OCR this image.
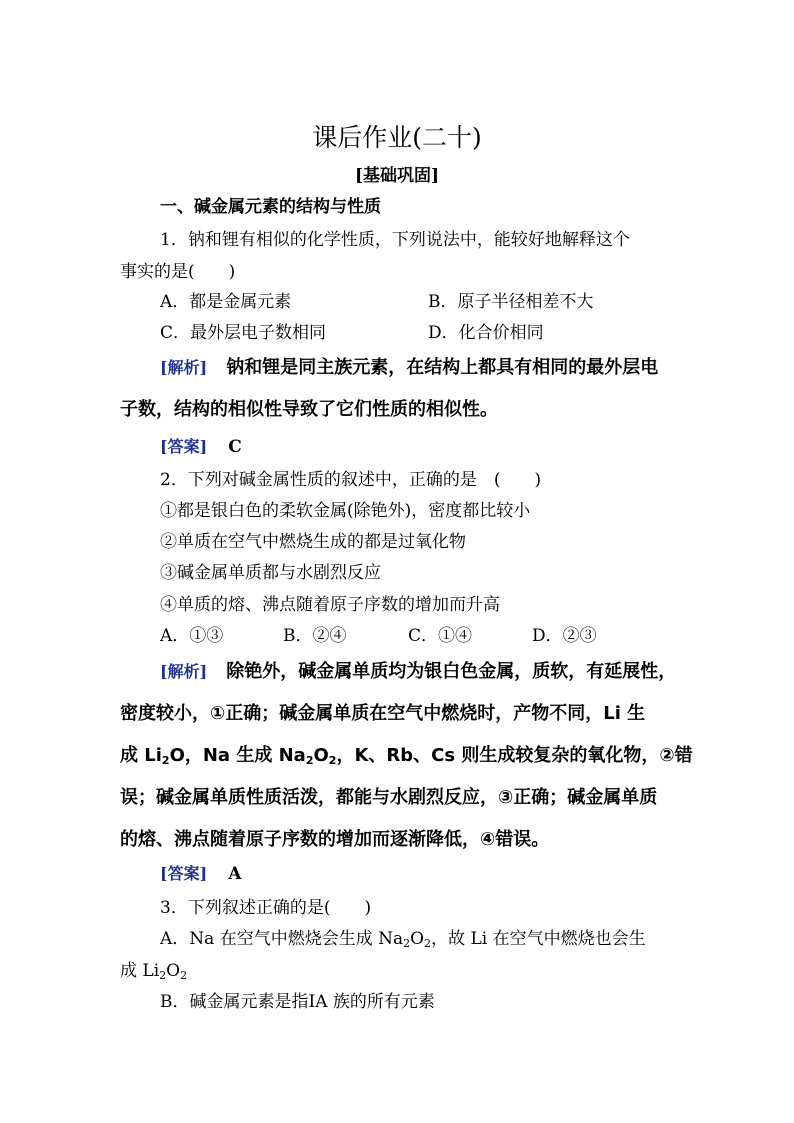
课后作业(二十)
[基础巩固]
一、碱金属元素的结构与性质
1．钠和锂有相似的化学性质，下列说法中，能较好地解释这个
事实的是(　　)
A．都是金属元素	B．原子半径相差不大
C．最外层电子数相同	D．化合价相同
[解析] 钠和锂是同主族元素，在结构上都具有相同的最外层电
子数，结构的相似性导致了它们性质的相似性。
[答案] C
2．下列对碱金属性质的叙述中，正确的是　(　　)
①都是银白色的柔软金属(除铯外)，密度都比较小
②单质在空气中燃烧生成的都是过氧化物
③碱金属单质都与水剧烈反应
④单质的熔、沸点随着原子序数的增加而升高
A．①③	B．②④	C．①④	D．②③
[解析] 除铯外，碱金属单质均为银白色金属，质软，有延展性，
密度较小，①正确；碱金属单质在空气中燃烧时，产物不同，Li 生
成 $Li_2O$，Na 生成 $Na_2O_2$，K、Rb、Cs 则生成较复杂的氧化物，②错
误；碱金属单质性质活泼，都能与水剧烈反应，③正确；碱金属单质
的熔、沸点随着原子序数的增加而逐渐降低，④错误。
[答案] A
3．下列叙述正确的是(　　)
A．Na 在空气中燃烧会生成 $Na_2O_2$，故 Li 在空气中燃烧也会生
成 $Li_2O_2$
B．碱金属元素是指ⅠA 族的所有元素
